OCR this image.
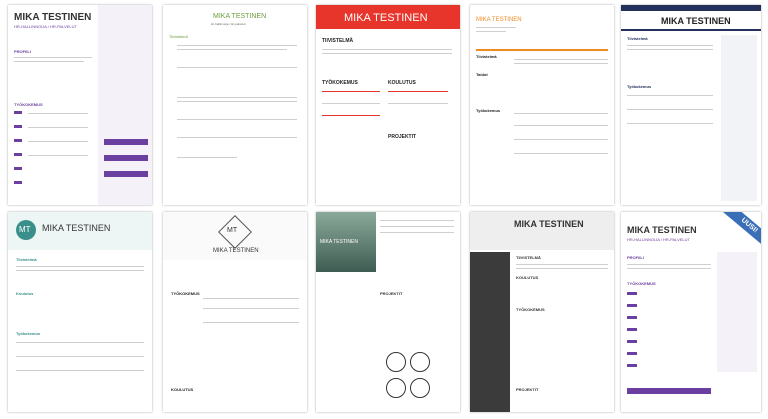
MIKA TESTINEN
HR-HALLINNOIJA / HR-PALVELUT
PROFIILI
TYÖKOKEMUS
MIKA TESTINEN
Hr-hallinnoija / Hr-palvelut
Tiivistelmä
MIKA TESTINEN
TIIVISTELMÄ
TYÖKOKEMUS	KOULUTUS
PROJEKTIT
MIKA TESTINEN
Tiivistelmä
Taidot
Työkokemus
MIKA TESTINEN
Tiivistelmä
Työkokemus
MT MIKA TESTINEN
Tiivistelmä
Koulutus
Työkokemus
MT
MIKA TESTINEN
TYÖKOKEMUS
KOULUTUS
MIKA TESTINEN
PROJEKTIT
MIKA TESTINEN
TIIVISTELMÄ
KOULUTUS
TYÖKOKEMUS
PROJEKTIT
MIKA TESTINEN
HR-HALLINNOIJA / HR-PALVELUT
PROFIILI
TYÖKOKEMUS
UUSI!
